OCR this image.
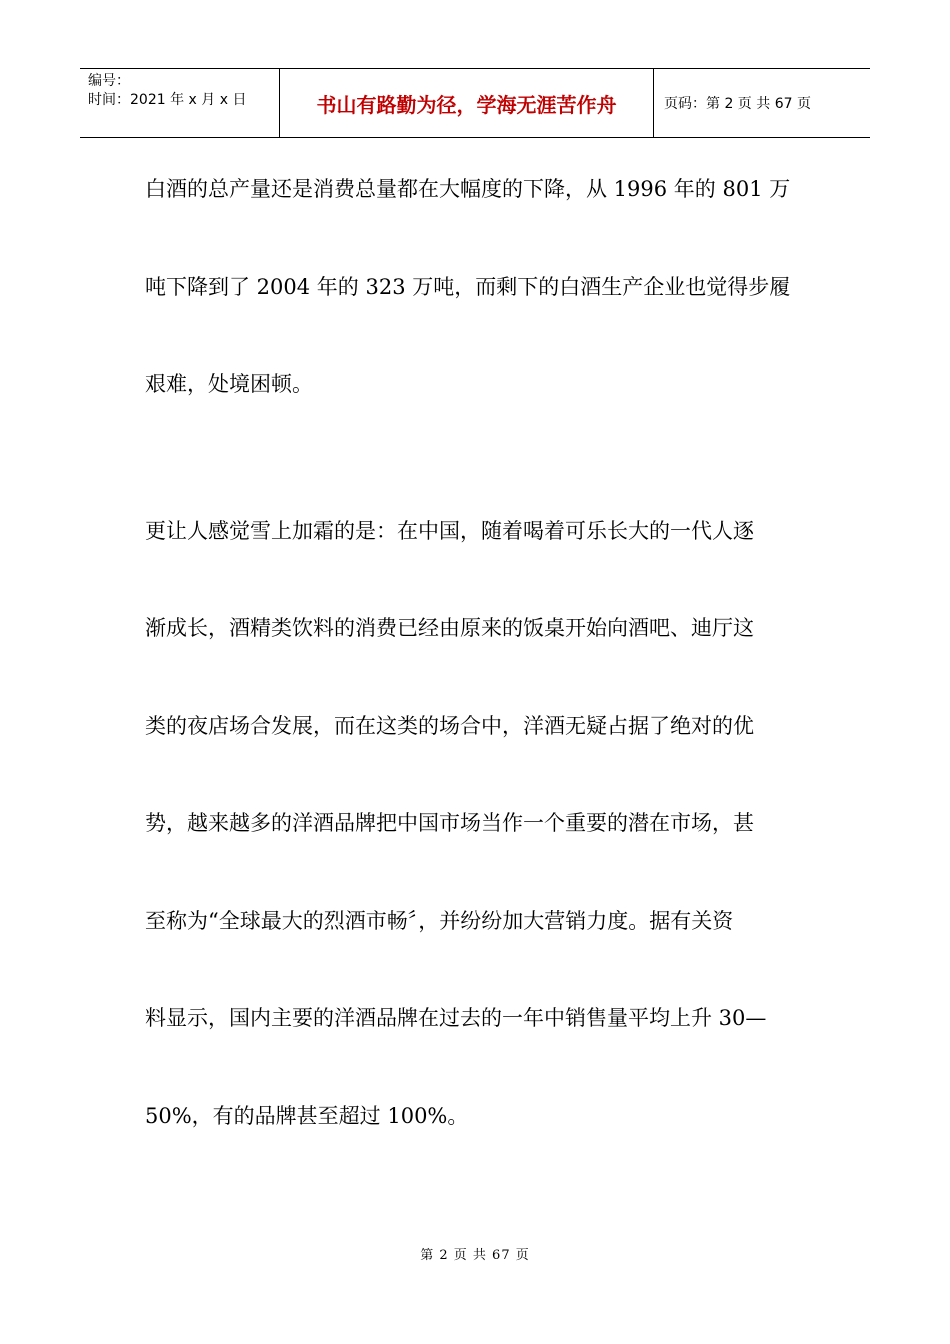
编号：
时间：2021 年 x 月 x 日	书山有路勤为径，学海无涯苦作舟	页码：第 2 页 共 67 页
白酒的总产量还是消费总量都在大幅度的下降，从 1996 年的 801 万
吨下降到了 2004 年的 323 万吨，而剩下的白酒生产企业也觉得步履
艰难，处境困顿。
更让人感觉雪上加霜的是：在中国，随着喝着可乐长大的一代人逐
渐成长，酒精类饮料的消费已经由原来的饭桌开始向酒吧、迪厅这
类的夜店场合发展，而在这类的场合中，洋酒无疑占据了绝对的优
势，越来越多的洋酒品牌把中国市场当作一个重要的潜在市场，甚
至称为“全球最大的烈酒市畅〞，并纷纷加大营销力度。据有关资
料显示，国内主要的洋酒品牌在过去的一年中销售量平均上升 30—
50%，有的品牌甚至超过 100%。
第 2 页 共 67 页
